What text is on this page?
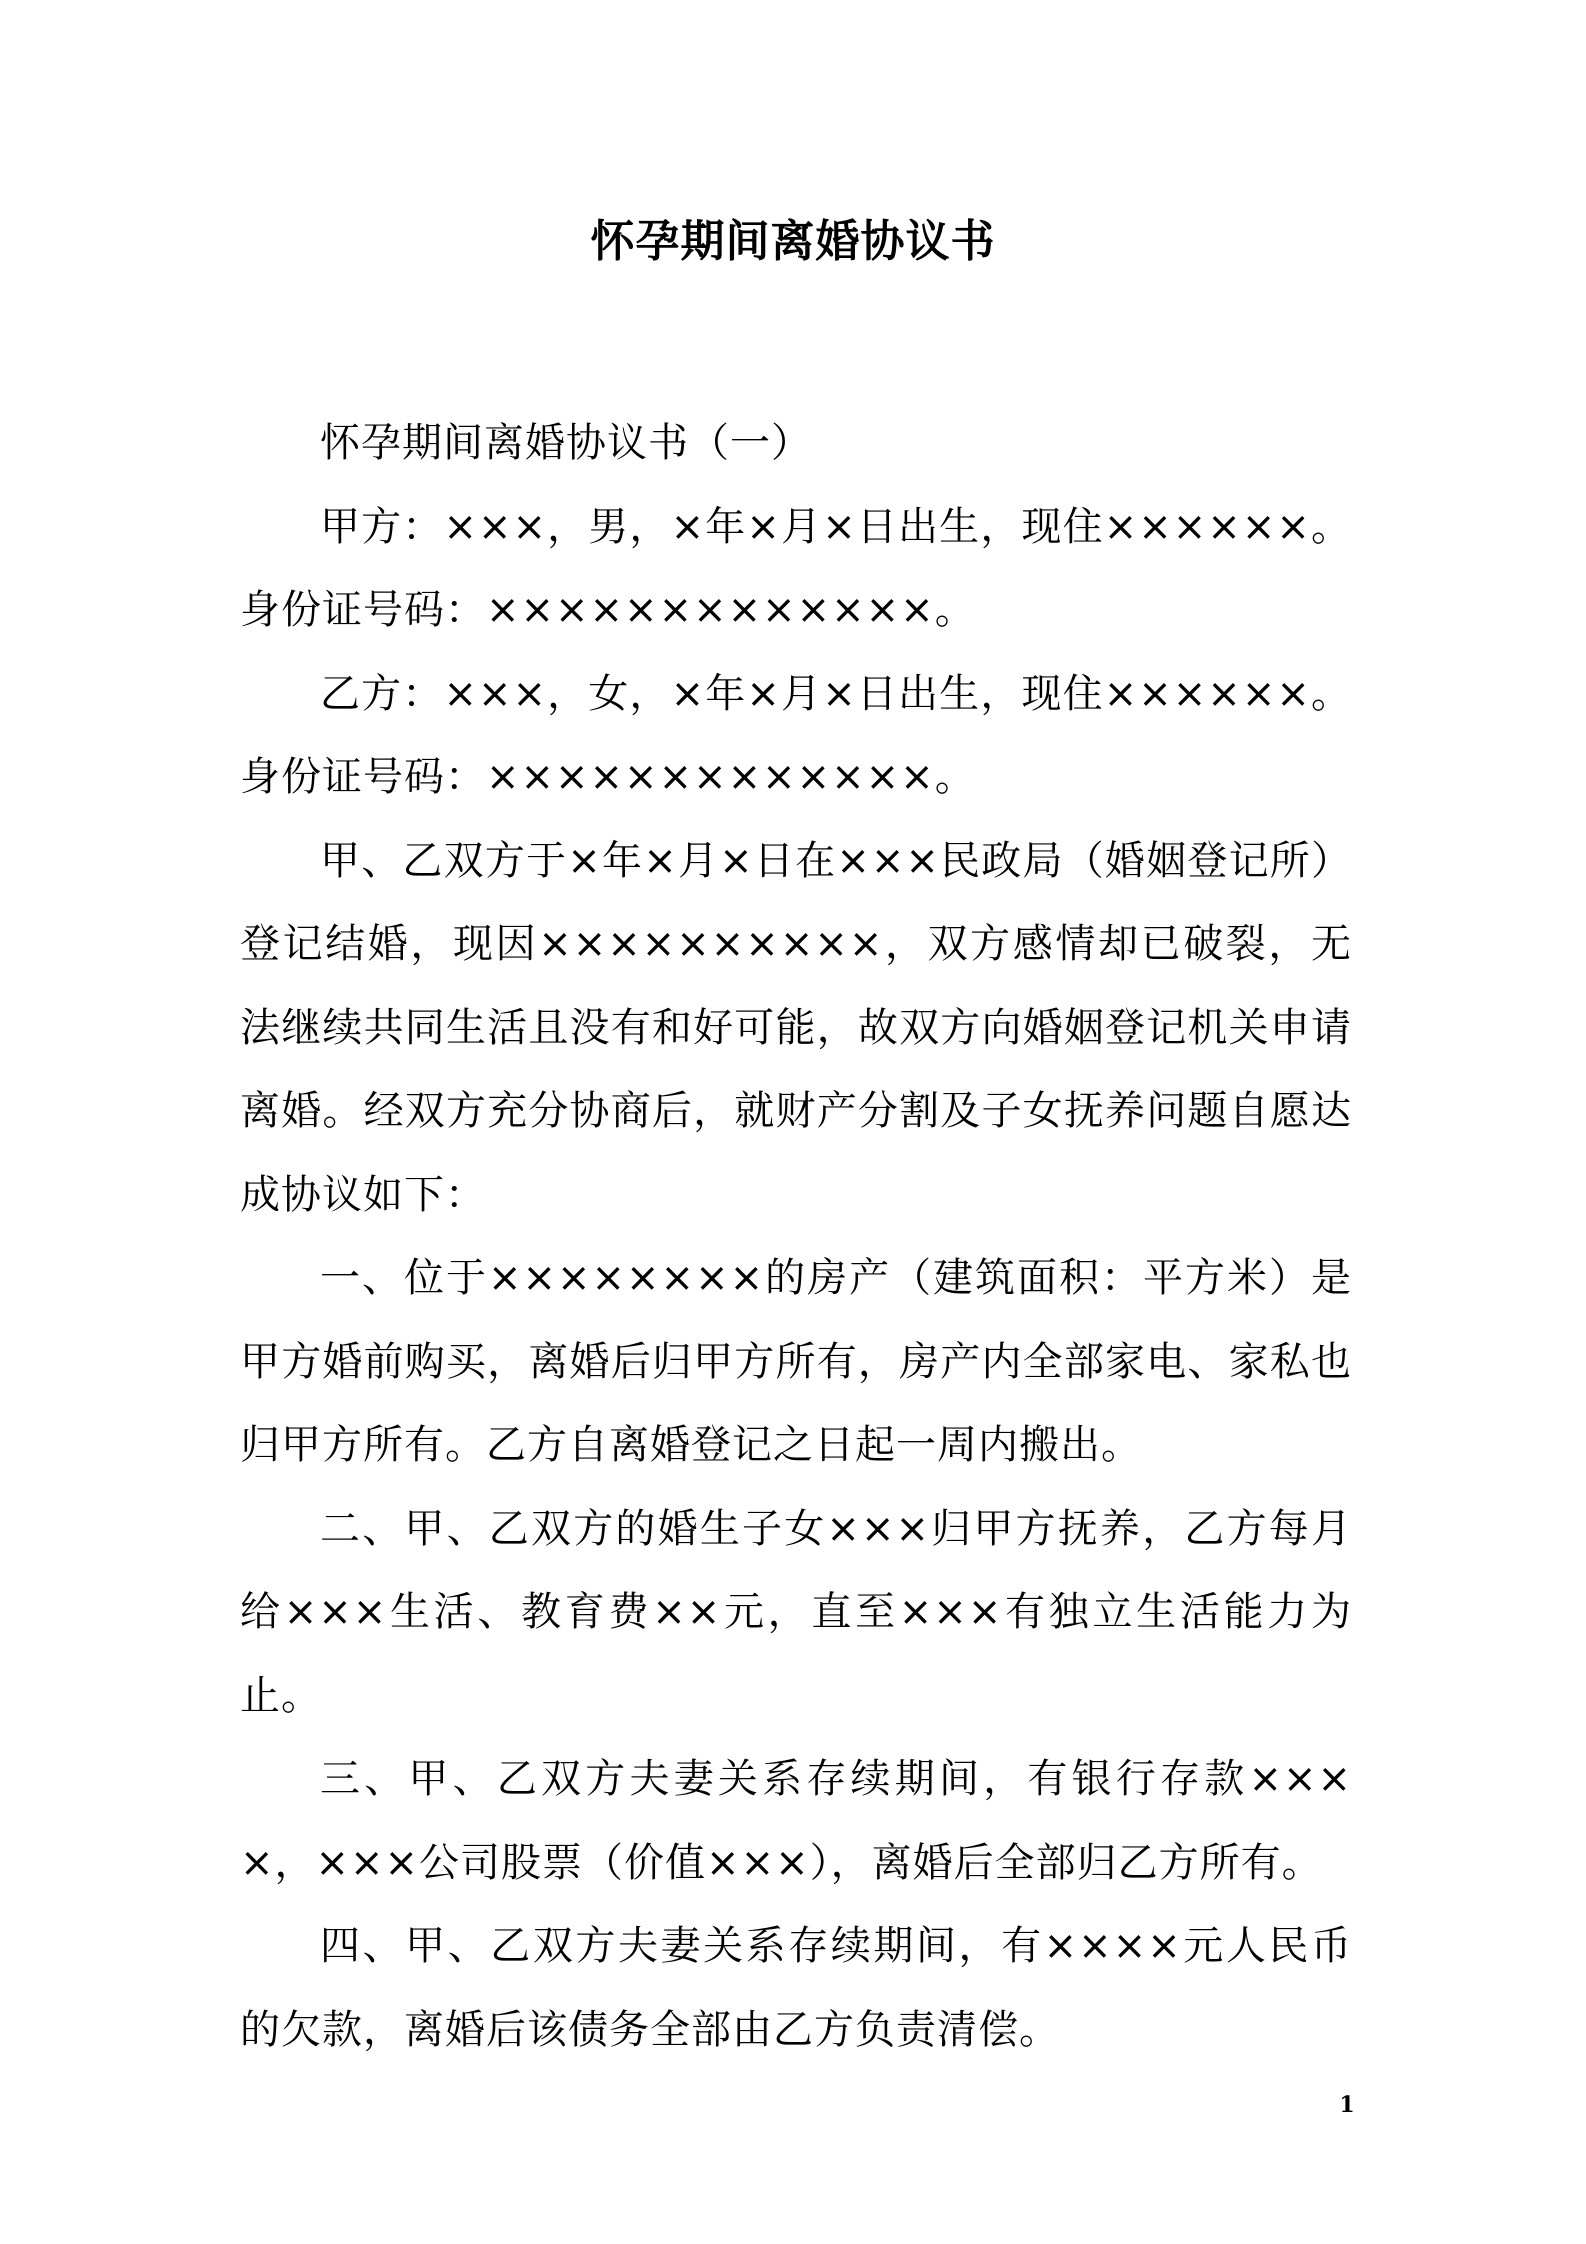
怀孕期间离婚协议书

怀孕期间离婚协议书（一）

甲方：×××，男，×年×月×日出生，现住××××××。身份证号码：×××××××××××××。

乙方：×××，女，×年×月×日出生，现住××××××。身份证号码：×××××××××××××。

甲、乙双方于×年×月×日在×××民政局（婚姻登记所）登记结婚，现因××××××××××，双方感情却已破裂，无法继续共同生活且没有和好可能，故双方向婚姻登记机关申请离婚。经双方充分协商后，就财产分割及子女抚养问题自愿达成协议如下：

一、位于××××××××的房产（建筑面积：平方米）是甲方婚前购买，离婚后归甲方所有，房产内全部家电、家私也归甲方所有。乙方自离婚登记之日起一周内搬出。

二、甲、乙双方的婚生子女×××归甲方抚养，乙方每月给×××生活、教育费××元，直至×××有独立生活能力为止。

三、甲、乙双方夫妻关系存续期间，有银行存款××××，×××公司股票（价值×××），离婚后全部归乙方所有。

四、甲、乙双方夫妻关系存续期间，有××××元人民币的欠款，离婚后该债务全部由乙方负责清偿。

1
